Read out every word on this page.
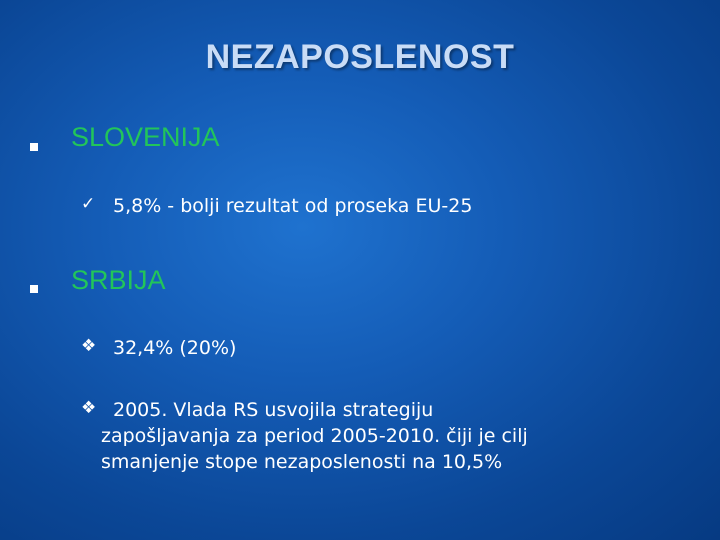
NEZAPOSLENOST
SLOVENIJA
✓ 5,8% - bolji rezultat od proseka EU-25
SRBIJA
❖ 32,4% (20%)
❖ 2005. Vlada RS usvojila strategiju
zapošljavanja za period 2005-2010. čiji je cilj
smanjenje stope nezaposlenosti na 10,5%
